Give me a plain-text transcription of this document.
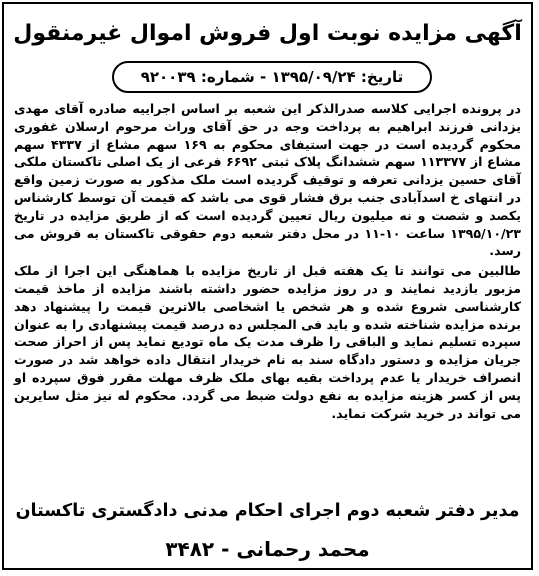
آگهی مزایده نوبت اول فروش اموال غیرمنقول
تاریخ: ۱۳۹۵/۰۹/۲۴ - شماره: ۹۲۰۰۳۹

در پرونده اجرایی کلاسه صدرالذکر این شعبه بر اساس اجراییه صادره آقای مهدی یزدانی فرزند ابراهیم به پرداخت وجه در حق آقای وراث مرحوم ارسلان غفوری محکوم گردیده است در جهت استیفای محکوم به ۱۶۹ سهم مشاع از ۴۳۳۷ سهم مشاع از ۱۱۳۳۷۷ سهم ششدانگ پلاک ثبتی ۶۶۹۲ فرعی از یک اصلی تاکستان ملکی آقای حسین یزدانی تعرفه و توقیف گردیده است ملک مذکور به صورت زمین واقع در انتهای خ اسدآبادی جنب برق فشار قوی می باشد که قیمت آن توسط کارشناس یکصد و شصت و نه میلیون ریال تعیین گردیده است که از طریق مزایده در تاریخ ۱۳۹۵/۱۰/۲۳ ساعت ۱۰-۱۱ در محل دفتر شعبه دوم حقوقی تاکستان به فروش می رسد.

طالبین می توانند تا یک هفته قبل از تاریخ مزایده با هماهنگی این اجرا از ملک مزبور بازدید نمایند و در روز مزایده حضور داشته باشند مزایده از ماخذ قیمت کارشناسی شروع شده و هر شخص یا اشخاصی بالاترین قیمت را پیشنهاد دهد برنده مزایده شناخته شده و باید فی المجلس ده درصد قیمت پیشنهادی را به عنوان سپرده تسلیم نماید و الباقی را ظرف مدت یک ماه تودیع نماید پس از احراز صحت جریان مزایده و دستور دادگاه سند به نام خریدار انتقال داده خواهد شد در صورت انصراف خریدار یا عدم پرداخت بقیه بهای ملک ظرف مهلت مقرر فوق سپرده او پس از کسر هزینه مزایده به نفع دولت ضبط می گردد. محکوم له نیز مثل سایرین می تواند در خرید شرکت نماید.

مدیر دفتر شعبه دوم اجرای احکام مدنی دادگستری تاکستان
محمد رحمانی - ۳۴۸۲
